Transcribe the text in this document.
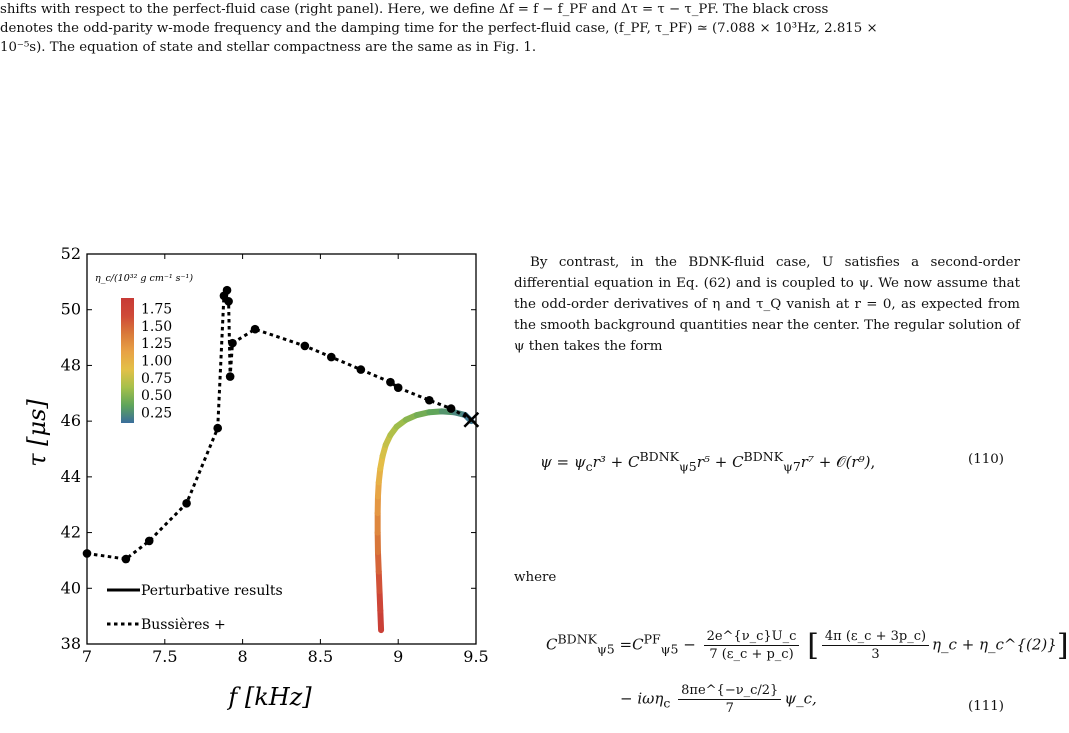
shifts with respect to the perfect-fluid case (right panel). Here, we define Δf = f − f_PF and Δτ = τ − τ_PF. The black cross

denotes the odd-parity w-mode frequency and the damping time for the perfect-fluid case, (f_PF, τ_PF) ≃ (7.088 × 10³Hz, 2.815 ×

10⁻⁵s). The equation of state and stellar compactness are the same as in Fig. 1.

7	7.5	8	8.5	9	9.5
38
40
42
44
46
48
50
52
η_c/(10³² g cm⁻¹ s⁻¹)
1.75
1.50
1.25
1.00
0.75
0.50
0.25
Perturbative results
Bussières +
f [kHz]
τ [μs]

By contrast, in the BDNK-fluid case, U satisfies a second-order differential equation in Eq. (62) and is coupled to ψ. We now assume that the odd-order derivatives of η and τ_Q vanish at r = 0, as expected from the smooth background quantities near the center. The regular solution of ψ then takes the form

$\psi = \psi_cr^3 + C^{BDNK}_{\psi 5}r^5 + C^{BDNK}_{\psi 7}r^7$ + 𝒪(r⁹),	(110)
where
$C^{BDNK}_{\psi 5} =C^{PF}_{\psi 5} - \frac{2e\^{}\{\nu\_c\}U\_c}{7 (\varepsilon\_c + p\_c)}$ [ $\frac{4\pi (\varepsilon\_c + 3p\_c)}{3}$ η_c + η_c^{(2)}]
− $i\omega\eta_c \frac{8\pi e\^{}\{-\nu\_c/2\}}{7}$ ψ_c,	(111)
